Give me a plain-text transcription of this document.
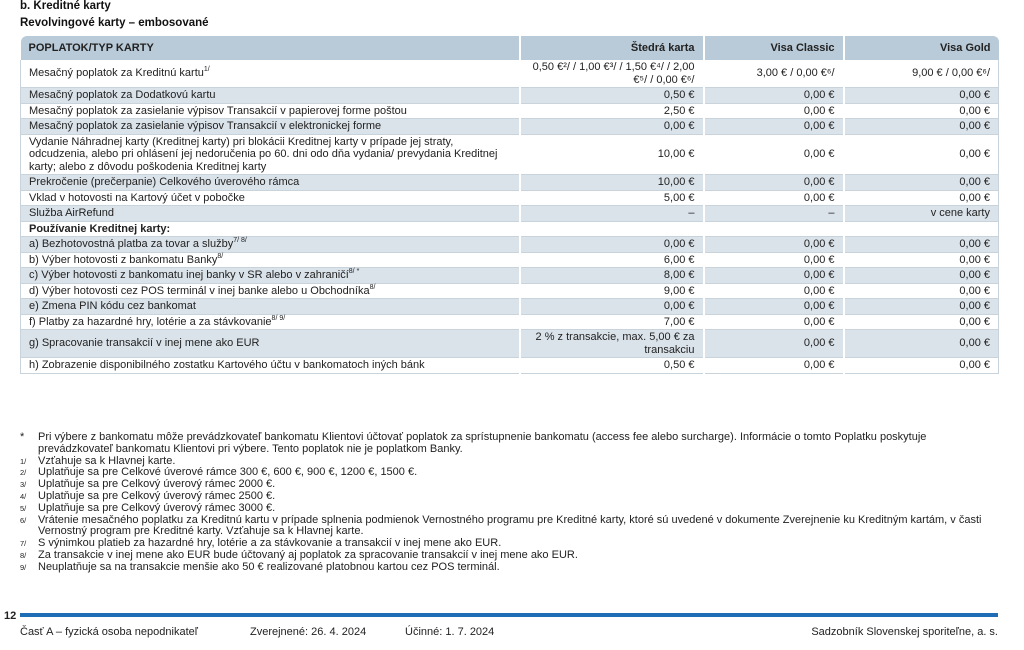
b. Kreditné karty
Revolvingové karty – embosované
POPLATOK/TYP KARTY	Štedrá karta	Visa Classic	Visa Gold
Mesačný poplatok za Kreditnú kartu$^{1/}$	0,50 €²/ / 1,00 €³/ / 1,50 €⁴/ / 2,00 €⁵/ / 0,00 €⁶/	3,00 € / 0,00 €⁶/	9,00 € / 0,00 €⁶/
Mesačný poplatok za Dodatkovú kartu	0,50 €	0,00 €	0,00 €
Mesačný poplatok za zasielanie výpisov Transakcií v papierovej forme poštou	2,50 €	0,00 €	0,00 €
Mesačný poplatok za zasielanie výpisov Transakcií v elektronickej forme	0,00 €	0,00 €	0,00 €
Vydanie Náhradnej karty (Kreditnej karty) pri blokácii Kreditnej karty v prípade jej straty, odcudzenia, alebo pri ohlásení jej nedoručenia po 60. dni odo dňa vydania/ prevydania Kreditnej karty; alebo z dôvodu poškodenia Kreditnej karty	10,00 €	0,00 €	0,00 €
Prekročenie (prečerpanie) Celkového úverového rámca	10,00 €	0,00 €	0,00 €
Vklad v hotovosti na Kartový účet v pobočke	5,00 €	0,00 €	0,00 €
Služba AirRefund	–	–	v cene karty
Používanie Kreditnej karty:			
a) Bezhotovostná platba za tovar a služby$^{7/ 8/}$	0,00 €	0,00 €	0,00 €
b) Výber hotovosti z bankomatu Banky$^{8/}$	6,00 €	0,00 €	0,00 €
c) Výber hotovosti z bankomatu inej banky v SR alebo v zahraničí$^{8/ *}$	8,00 €	0,00 €	0,00 €
d) Výber hotovosti cez POS terminál v inej banke alebo u Obchodníka$^{8/}$	9,00 €	0,00 €	0,00 €
e) Zmena PIN kódu cez bankomat	0,00 €	0,00 €	0,00 €
f) Platby za hazardné hry, lotérie a za stávkovanie$^{8/ 9/}$	7,00 €	0,00 €	0,00 €
g) Spracovanie transakcií v inej mene ako EUR	2 % z transakcie, max. 5,00 € za transakciu	0,00 €	0,00 €
h) Zobrazenie disponibilného zostatku Kartového účtu v bankomatoch iných bánk	0,50 €	0,00 €	0,00 €
*	Pri výbere z bankomatu môže prevádzkovateľ bankomatu Klientovi účtovať poplatok za sprístupnenie bankomatu (access fee alebo surcharge). Informácie o tomto Poplatku poskytuje prevádzkovateľ bankomatu Klientovi pri výbere. Tento poplatok nie je poplatkom Banky.
1/	Vzťahuje sa k Hlavnej karte.
2/	Uplatňuje sa pre Celkové úverové rámce 300 €, 600 €, 900 €, 1200 €, 1500 €.
3/	Uplatňuje sa pre Celkový úverový rámec 2000 €.
4/	Uplatňuje sa pre Celkový úverový rámec 2500 €.
5/	Uplatňuje sa pre Celkový úverový rámec 3000 €.
6/	Vrátenie mesačného poplatku za Kreditnú kartu v prípade splnenia podmienok Vernostného programu pre Kreditné karty, ktoré sú uvedené v dokumente Zverejnenie ku Kreditným kartám, v časti Vernostný program pre Kreditné karty. Vzťahuje sa k Hlavnej karte.
7/	S výnimkou platieb za hazardné hry, lotérie a za stávkovanie a transakcií v inej mene ako EUR.
8/	Za transakcie v inej mene ako EUR bude účtovaný aj poplatok za spracovanie transakcií v inej mene ako EUR.
9/	Neuplatňuje sa na transakcie menšie ako 50 € realizované platobnou kartou cez POS terminál.
12
Časť A – fyzická osoba nepodnikateľ	Zverejnené: 26. 4. 2024	Účinné: 1. 7. 2024	Sadzobník Slovenskej sporiteľne, a. s.
